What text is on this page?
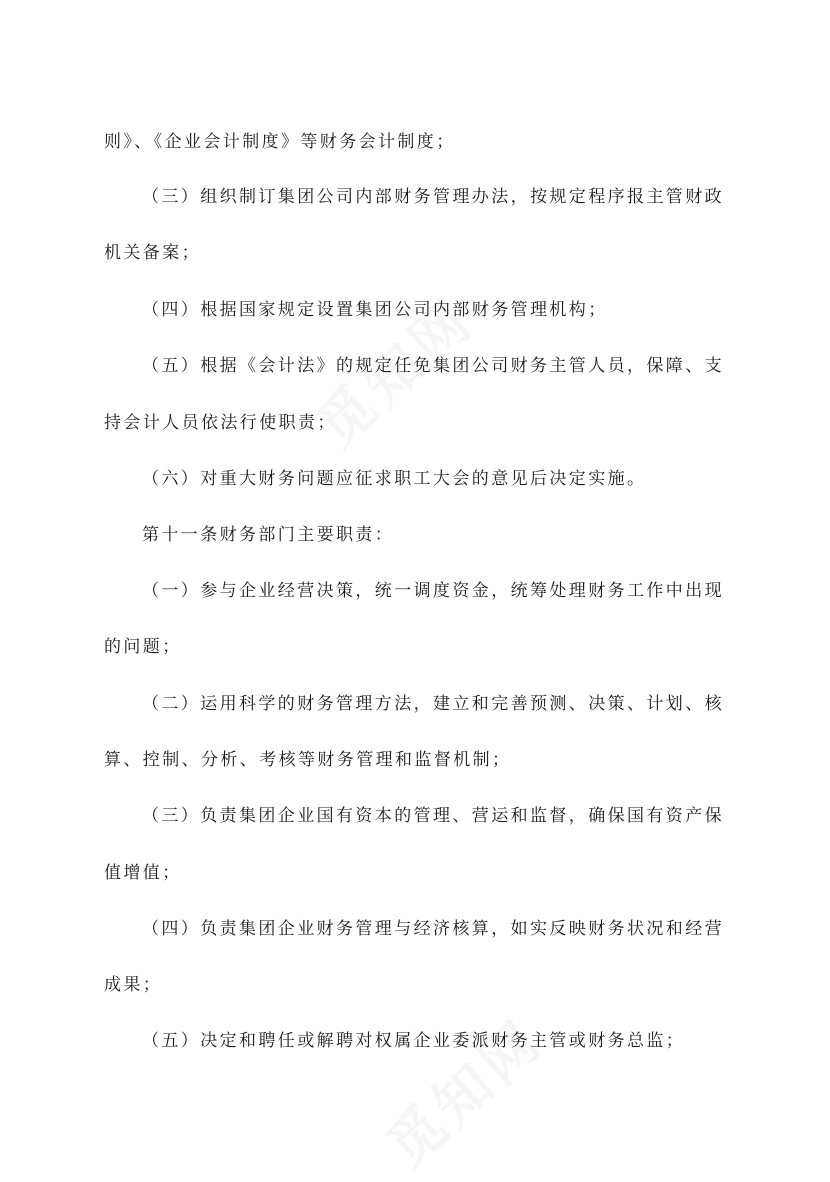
则》、《企业会计制度》等财务会计制度；
（三）组织制订集团公司内部财务管理办法，按规定程序报主管财政
机关备案；
（四）根据国家规定设置集团公司内部财务管理机构；
（五）根据《会计法》的规定任免集团公司财务主管人员，保障、支
持会计人员依法行使职责；
（六）对重大财务问题应征求职工大会的意见后决定实施。
第十一条财务部门主要职责：
（一）参与企业经营决策，统一调度资金，统筹处理财务工作中出现
的问题；
（二）运用科学的财务管理方法，建立和完善预测、决策、计划、核
算、控制、分析、考核等财务管理和监督机制；
（三）负责集团企业国有资本的管理、营运和监督，确保国有资产保
值增值；
（四）负责集团企业财务管理与经济核算，如实反映财务状况和经营
成果；
（五）决定和聘任或解聘对权属企业委派财务主管或财务总监；
